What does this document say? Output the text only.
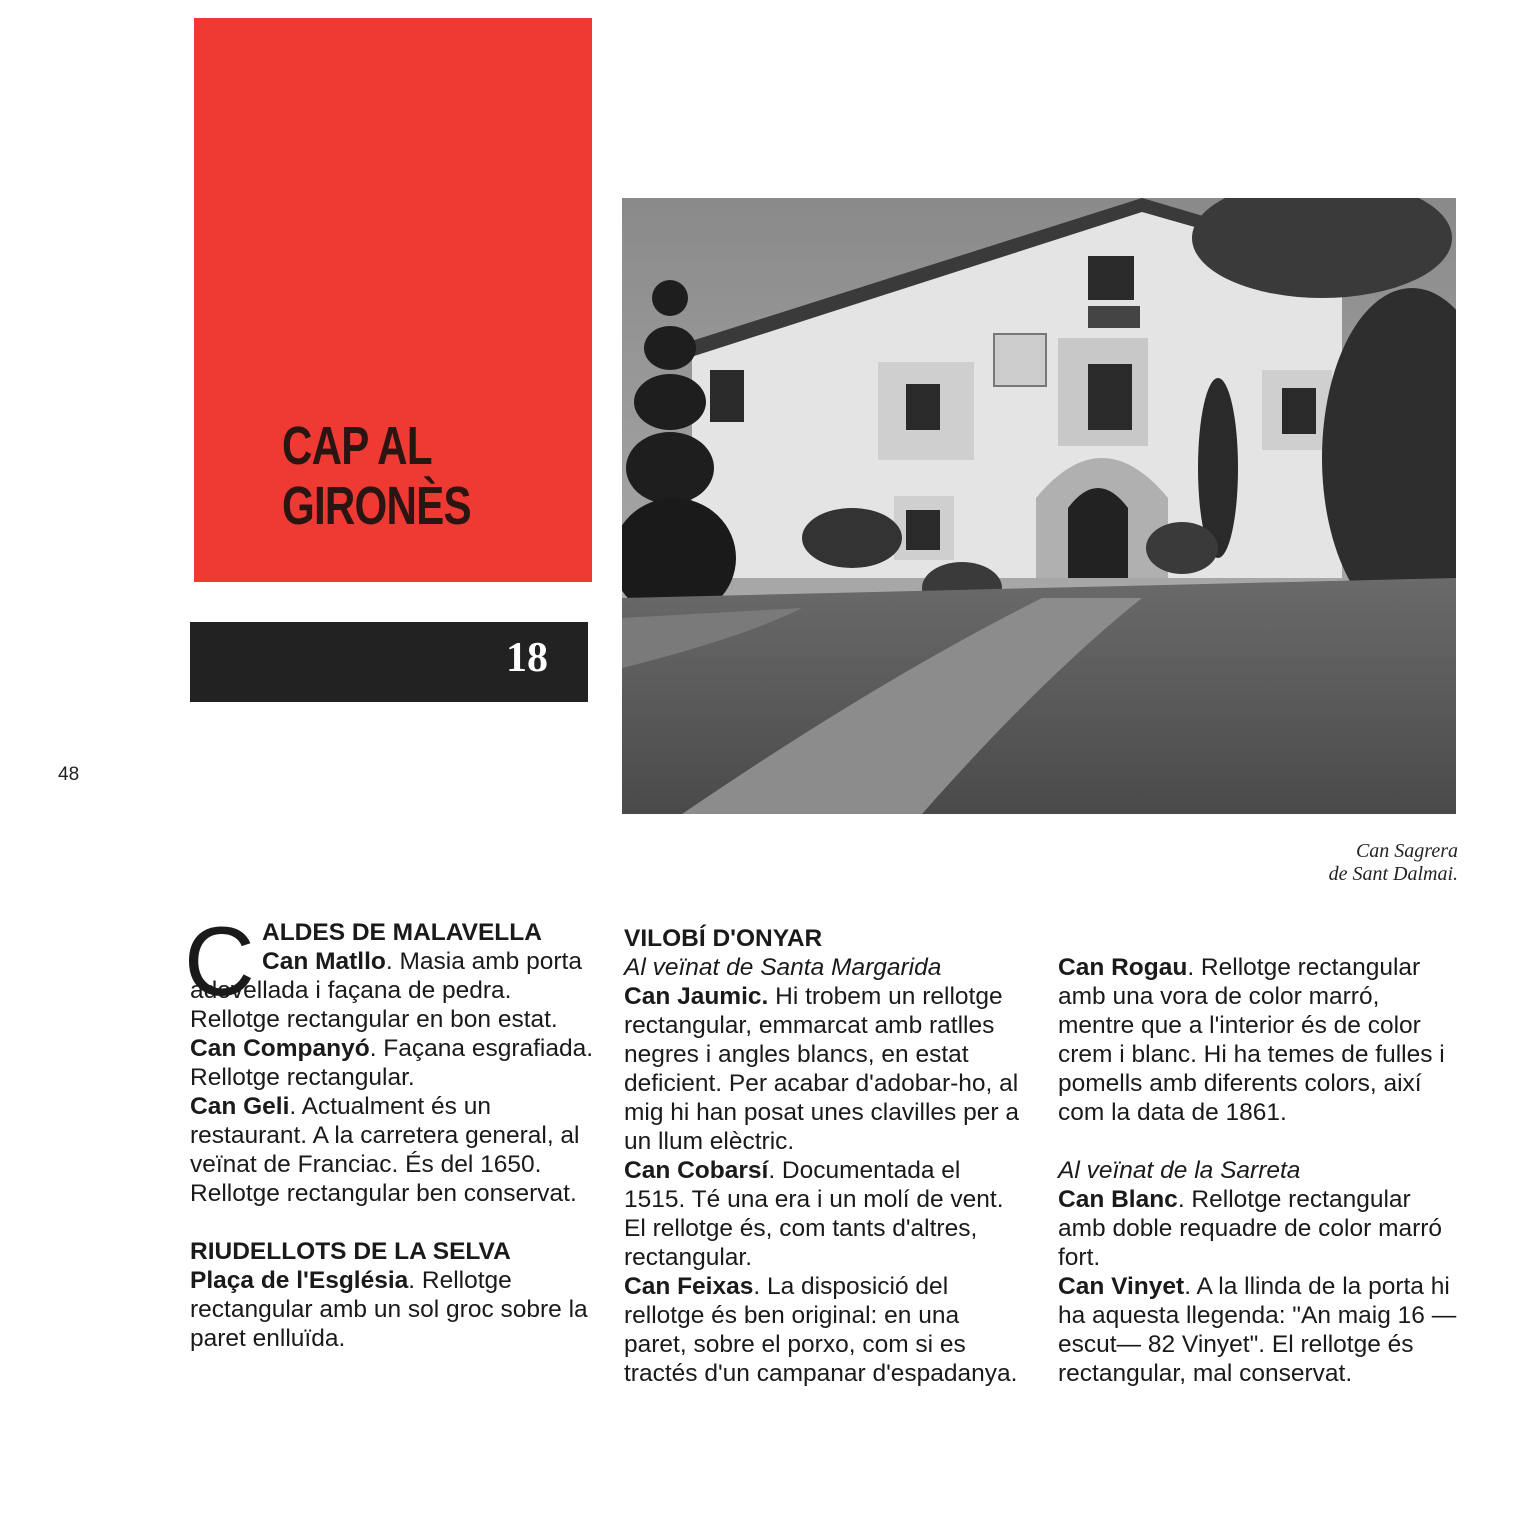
CAP AL
GIRONÈS
18
48
Can Sagrera
de Sant Dalmai.

C ALDES DE MALAVELLA

Can Matllo. Masia amb porta adovellada i façana de pedra. Rellotge rectangular en bon estat.

Can Companyó. Façana esgrafiada. Rellotge rectangular.

Can Geli. Actualment és un restaurant. A la carretera general, al veïnat de Franciac. És del 1650. Rellotge rectangular ben conservat.

RIUDELLOTS DE LA SELVA

Plaça de l'Església. Rellotge rectangular amb un sol groc sobre la paret enlluïda.

VILOBÍ D'ONYAR

Al veïnat de Santa Margarida

Can Jaumic. Hi trobem un rellotge rectangular, emmarcat amb ratlles negres i angles blancs, en estat deficient. Per acabar d'adobar-ho, al mig hi han posat unes clavilles per a un llum elèctric.

Can Cobarsí. Documentada el 1515. Té una era i un molí de vent. El rellotge és, com tants d'altres, rectangular.

Can Feixas. La disposició del rellotge és ben original: en una paret, sobre el porxo, com si es tractés d'un campanar d'espadanya.

Can Rogau. Rellotge rectangular amb una vora de color marró, mentre que a l'interior és de color crem i blanc. Hi ha temes de fulles i pomells amb diferents colors, així com la data de 1861.

Al veïnat de la Sarreta

Can Blanc. Rellotge rectangular amb doble requadre de color marró fort.

Can Vinyet. A la llinda de la porta hi ha aquesta llegenda: "An maig 16 —escut— 82 Vinyet". El rellotge és rectangular, mal conservat.
